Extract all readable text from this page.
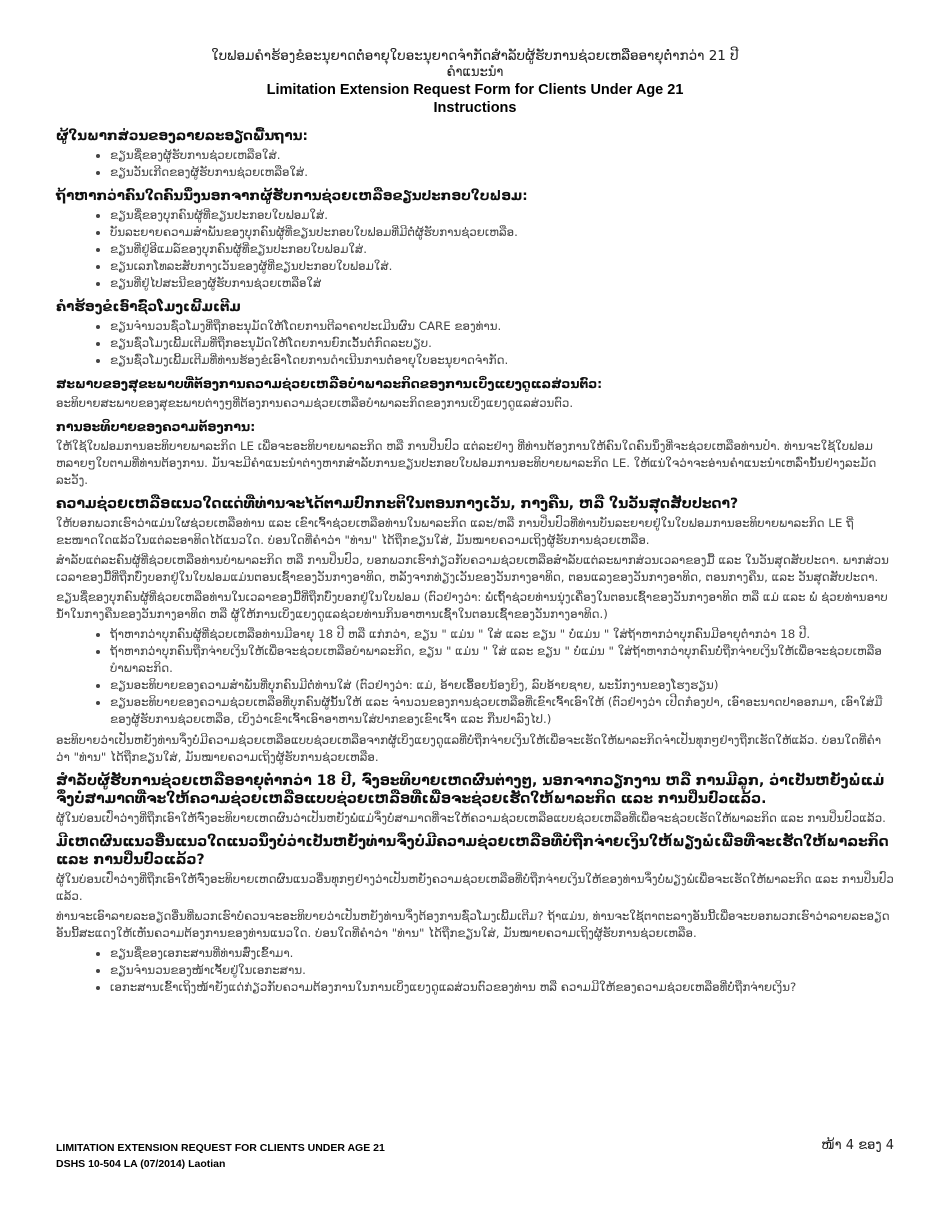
ໃບຟອມຄຳຮ້ອງຂໍອະນຸຍາດຕໍ່ອາຍຸໃບອະນຸຍາດຈຳກັດສຳລັບຜູ້ຮັບການຊ່ວຍເຫລືອອາຍຸຕ່ຳກວ່າ 21 ປີ
ຄຳແນະນຳ
Limitation Extension Request Form for Clients Under Age 21
Instructions
ຜູ້ໃນພາກສ່ວນຂອງລາຍລະອຽດພື້ນຖານ:
• ຂຽນຊື່ຂອງຜູ້ຮັບການຊ່ວຍເຫລືອໃສ່.
• ຂຽນວັນເກີດຂອງຜູ້ຮັບການຊ່ວຍເຫລືອໃສ່.
ຖ້າຫາກວ່າຄົນໃດຄົນນຶ່ງນອກຈາກຜູ້ຮັບການຊ່ວຍເຫລືອຂຽນປະກອບໃບຟອມ:
• ຂຽນຊື່ຂອງບຸກຄົນຜູ້ທີ່ຂຽນປະກອບໃບຟອມໃສ່.
• ບັນລະຍາຍຄວາມສຳພັນຂອງບຸກຄົນຜູ້ທີ່ຂຽນປະກອບໃບຟອມທີ່ມີຕໍ່ຜູ້ຮັບການຊ່ວຍເຫລືອ.
• ຂຽນທີ່ຢູ່ອີແມລ໌ຂອງບຸກຄົນຜູ້ທີ່ຂຽນປະກອບໃບຟອມໃສ່.
• ຂຽນເລກໂທລະສັບກາງເວັນຂອງຜູ້ທີ່ຂຽນປະກອບໃບຟອມໃສ່.
• ຂຽນທີ່ຢູ່ໄປສະນີຂອງຜູ້ຮັບການຊ່ວຍເຫລືອໃສ່
ຄຳຮ້ອງຂໍເອົາຊົ່ວໂມງເພີ້ມເຕີມ
• ຂຽນຈຳນວນຊົ່ວໂມງທີ່ຖືກອະນຸມັດໃຫ້ໂດຍການຕີລາຄາປະເມີນຜົນ CARE ຂອງທ່ານ.
• ຂຽນຊົ່ວໂມງເພີ້ມເຕີມທີ່ຖືກອະນຸມັດໃຫ້ໂດຍການຍົກເວັ້ນຕໍ່ກົດລະບຽບ.
• ຂຽນຊົ່ວໂມງເພີ້ມເຕີມທີ່ທ່ານຮ້ອງຂໍເອົາໂດຍການດຳເນີນການຕໍ່ອາຍຸໃບອະນຸຍາດຈຳກັດ.
ສະພາບຂອງສຸຂະພາບທີ່ຕ້ອງການຄວາມຊ່ວຍເຫລືອບຳພາລະກິດຂອງການເບິ່ງແຍງດູແລສ່ວນຕົວ:

ອະທິບາຍສະພາບຂອງສຸຂະພາບຕ່າງໆທີ່ຕ້ອງການຄວາມຊ່ວຍເຫລືອບຳພາລະກິດຂອງການເບິ່ງແຍງດູແລສ່ວນຕົວ.

ການອະທິບາຍຂອງຄວາມຕ້ອງການ:

ໃຫ້ໃຊ້ໃບຟອມການອະທິບາຍພາລະກິດ LE ເພື່ອຈະອະທິບາຍພາລະກິດ ຫລື ການປິ່ນປົວ ແຕ່ລະຢ່າງ ທີ່ທ່ານຕ້ອງການໃຫ້ຄົນໃດຄົນນຶ່ງທີ່ຈະຊ່ວຍເຫລືອທ່ານປຳ. ທ່ານຈະໃຊ້ໃບຟອມຫລາຍໆໃບຕາມທີ່ທ່ານຕ້ອງການ. ມັນຈະມີຄຳແນະນຳຕ່າງຫາກສຳລັບການຂຽນປະກອບໃບຟອມການອະທິບາຍພາລະກິດ LE. ໃຫ້ແນ່ໃຈວ່າຈະອ່ານຄຳແນະນຳເຫລົ່ານັ້ນຢ່າງລະມັດລະວັງ.

ຄວາມຊ່ວຍເຫລືອແນວໃດແດ່ທີ່ທ່ານຈະໄດ້ຕາມປົກກະຕິໃນຕອນກາງເວັນ, ກາງຄືນ, ຫລື ໃນວັນສຸດສັບປະດາ?

ໃຫ້ບອກພວກເຮົາວ່າແມ່ນໃຜຊ່ວຍເຫລືອທ່ານ ແລະ ເຂົາເຈົ້າຊ່ວຍເຫລືອທ່ານໃນພາລະກິດ ແລະ/ຫລື ການປິ່ນປົວທີ່ທ່ານບັນລະຍາຍຢູ່ໃນໃບຟອມການອະທິບາຍພາລະກິດ LE ຖີ່ຂະໜາດໃດແລ້ວໃນແຕ່ລະອາທິດໄດ້ແນວໃດ. ບ່ອນໃດທີ່ຄຳວ່າ "ທ່ານ" ໄດ້ຖືກຂຽນໃສ່, ມັນໝາຍຄວາມເຖິງຜູ້ຮັບການຊ່ວຍເຫລືອ.

ສຳລັບແຕ່ລະຄົນຜູ້ທີ່ຊ່ວຍເຫລືອທ່ານບຳພາລະກິດ ຫລື ການປິ່ນປົວ, ບອກພວກເຮົາກ່ຽວກັບຄວາມຊ່ວຍເຫລືອສຳລັບແຕ່ລະພາກສ່ວນເວລາຂອງມື້ ແລະ ໃນວັນສຸດສັບປະດາ. ພາກສ່ວນເວລາຂອງມື້ທີ່ຖືກບົ່ງບອກຢູ່ໃນໃບຟອມແມ່ນຕອນເຊົ້າຂອງວັນກາງອາທິດ, ຫລັງຈາກທ່ຽງເວັນຂອງວັນກາງອາທິດ, ຕອນແລງຂອງວັນກາງອາທິດ, ຕອນກາງຄືນ, ແລະ ວັນສຸດສັບປະດາ.

ຂຽນຊື່ຂອງບຸກຄົນຜູ້ທີ່ຊ່ວຍເຫລືອທ່ານໃນເວລາຂອງມື້ທີ່ຖືກບົ່ງບອກຢູ່ໃນໃບຟອມ (ຕົວຢ່າງວ່າ: ພໍ່ເຖົ້າຊ່ວຍທ່ານນຸ່ງເຄື່ອງໃນຕອນເຊົ້າຂອງວັນກາງອາທິດ ຫລື ແມ່ ແລະ ພໍ່ ຊ່ວຍທ່ານອາບນ້ຳໃນກາງຄືນຂອງວັນກາງອາທິດ ຫລື ຜູ້ໃຫ້ການເບິ່ງແຍງດູແລຊ່ວຍທ່ານກິນອາຫານເຊົ້າໃນຕອນເຊົ້າຂອງວັນກາງອາທິດ.)

• ຖ້າຫາກວ່າບຸກຄົນຜູ້ທີ່ຊ່ວຍເຫລືອທ່ານມີອາຍຸ 18 ປີ ຫລື ແກ່ກວ່າ, ຂຽນ " ແມ່ນ " ໃສ່ ແລະ ຂຽນ " ບໍ່ແມ່ນ " ໃສ່ຖ້າຫາກວ່າບຸກຄົນມີອາຍຸຕ່ຳກວ່າ 18 ປີ.
• ຖ້າຫາກວ່າບຸກຄົນຖືກຈ່າຍເງິນໃຫ້ເພື່ອຈະຊ່ວຍເຫລືອບຳພາລະກິດ, ຂຽນ " ແມ່ນ " ໃສ່ ແລະ ຂຽນ " ບໍ່ແມ່ນ " ໃສ່ຖ້າຫາກວ່າບຸກຄົນບໍ່ຖືກຈ່າຍເງິນໃຫ້ເພື່ອຈະຊ່ວຍເຫລືອບຳພາລະກິດ.
• ຂຽນອະທິບາຍຂອງຄວາມສຳພັນທີ່ບຸກຄົນມີຕໍ່ທ່ານໃສ່ (ຕົວຢ່າງວ່າ: ແມ່, ອ້າຍເອື້ອຍນ້ອງຍິງ, ລົບອ້າຍຊາຍ, ພະນັກງານຂອງໂຮງຮຽນ)
• ຂຽນອະທິບາຍຂອງຄວາມຊ່ວຍເຫລືອທີ່ບຸກຄົນຜູ້ນັ້ນໃຫ້ ແລະ ຈຳນວນຂອງການຊ່ວຍເຫລືອທີ່ເຂົາເຈົ້າເອົາໃຫ້ (ຕົວຢ່າງວ່າ ເປີດກ໋ອງປາ, ເອົາອະນາດປາອອກມາ, ເອົາໃສ່ມືຂອງຜູ້ຮັບການຊ່ວຍເຫລືອ, ເບິ່ງວ່າເຂົາເຈົ້າເອົາອາຫານໃສ່ປາກຂອງເຂົາເຈົ້າ ແລະ ກືນປາລົງໄປ.)

ອະທິບາຍວ່າເປັນຫຍັງທ່ານຈຶ່ງບໍ່ມີຄວາມຊ່ວຍເຫລືອແບບຊ່ວຍເຫລືອຈາກຜູ້ເບິ່ງແຍງດູແລທີ່ບໍ່ຖືກຈ່າຍເງິນໃຫ້ເພື່ອຈະເຮັດໃຫ້ພາລະກິດຈຳເປັນທຸກໆຢ່າງຖືກເຮັດໃຫ້ແລ້ວ. ບ່ອນໃດທີ່ຄຳວ່າ "ທ່ານ" ໄດ້ຖືກຂຽນໃສ່, ມັນໝາຍຄວາມເຖິງຜູ້ຮັບການຊ່ວຍເຫລືອ.

ສຳລັບຜູ້ຮັບການຊ່ວຍເຫລືອອາຍຸຕ່ຳກວ່າ 18 ປີ, ຈົ່ງອະທິບາຍເຫດຜົນຕ່າງໆ, ນອກຈາກວຽກງານ ຫລື ການມີລູກ, ວ່າເປັນຫຍັງພໍ່ແມ່ຈຶ່ງບໍ່ສາມາດທີ່ຈະໃຫ້ຄວາມຊ່ວຍເຫລືອແບບຊ່ວຍເຫລືອທີ່ເພື່ອຈະຊ່ວຍເຮັດໃຫ້ພາລະກິດ ແລະ ການປິ່ນປົວແລ້ວ.

ຜູ້ໃນບ່ອນເປົ່າວ່າງທີ່ຖືກເອົາໃຫ້ຈົ່ງອະທິບາຍເຫດຜົນວ່າເປັນຫຍັງພໍ່ແມ່ຈຶ່ງບໍ່ສາມາດທີ່ຈະໃຫ້ຄວາມຊ່ວຍເຫລືອແບບຊ່ວຍເຫລືອທີ່ເພື່ອຈະຊ່ວຍເຮັດໃຫ້ພາລະກິດ ແລະ ການປິ່ນປົວແລ້ວ.

ມີເຫດຜົນແນວອື່ນແນວໃດແນວນຶ່ງບໍ່ວ່າເປັນຫຍັງທ່ານຈຶ່ງບໍ່ມີຄວາມຊ່ວຍເຫລືອທີ່ບໍ່ຖືກຈ່າຍເງິນໃຫ້ພຽງພໍເພື່ອທີ່ຈະເຮັດໃຫ້ພາລະກິດ ແລະ ການປິ່ນປົວແລ້ວ?

ຜູ້ໃນບ່ອນເປົ່າວ່າງທີ່ຖືກເອົາໃຫ້ຈົ່ງອະທິບາຍເຫດຜົນແນວອື່ນທຸກໆຢ່າງວ່າເປັນຫຍັງຄວາມຊ່ວຍເຫລືອທີ່ບໍ່ຖືກຈ່າຍເງິນໃຫ້ຂອງທ່ານຈຶ່ງບໍ່ພຽງພໍເພື່ອຈະເຮັດໃຫ້ພາລະກິດ ແລະ ການປິ່ນປົວແລ້ວ.

ທ່ານຈະເອົາລາຍລະອຽດອື່ນທີ່ພວກເຮົາບໍ່ຄວນຈະອະທິບາຍວ່າເປັນຫຍັງທ່ານຈຶ່ງຕ້ອງການຊົ່ວໂມງເພີ້ມເຕີມ? ຖ້າແມ່ນ, ທ່ານຈະໃຊ້ຕາຕະລາງອັນນີ້ເພື່ອຈະບອກພວກເຮົາວ່າລາຍລະອຽດອັນນີ້ສະແດງໃຫ້ເຫັນຄວາມຕ້ອງການຂອງທ່ານແນວໃດ. ບ່ອນໃດທີ່ຄຳວ່າ "ທ່ານ" ໄດ້ຖືກຂຽນໃສ່, ມັນໝາຍຄວາມເຖິງຜູ້ຮັບການຊ່ວຍເຫລືອ.

• ຂຽນຊື່ຂອງເອກະສານທີ່ທ່ານສົ່ງເຂົ້າມາ.
• ຂຽນຈຳນວນຂອງໜ້າເຈັ້ຍຢູ່ໃນເອກະສານ.
• ເອກະສານເຂົ້າເຖິງໜ້າຍັງແດ່ກ່ຽວກັບຄວາມຕ້ອງການໃນການເບິ່ງແຍງດູແລສ່ວນຕົວຂອງທ່ານ ຫລື ຄວາມມີໃຫ້ຂອງຄວາມຊ່ວຍເຫລືອທີ່ບໍ່ຖືກຈ່າຍເງິນ?
LIMITATION EXTENSION REQUEST FOR CLIENTS UNDER AGE 21
DSHS 10-504 LA (07/2014) Laotian
ໜ້າ 4 ຂອງ 4
